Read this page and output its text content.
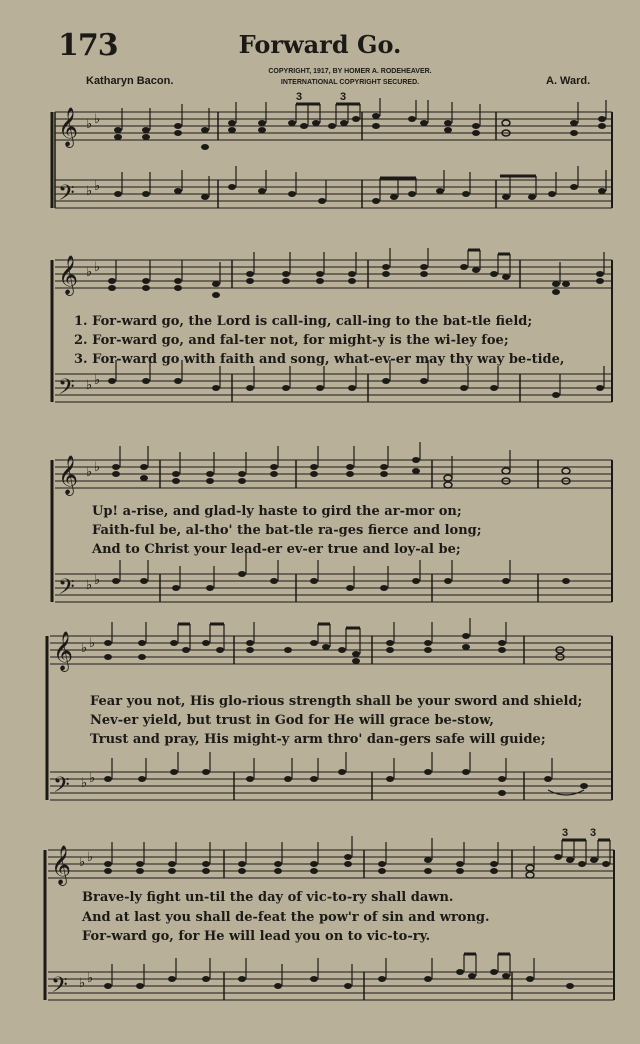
173	Forward Go.
Katharyn Bacon.	A. Ward.
COPYRIGHT, 1917, BY HOMER A. RODEHEAVER.
INTERNATIONAL COPYRIGHT SECURED.
𝄞
𝄢
♭ ♭
♭ ♭
3	3
𝄞
𝄢
♭ ♭
♭ ♭
1. For-ward go, the Lord is call-ing, call-ing to the bat-tle field;
2. For-ward go, and fal-ter not, for might-y is the wi-ley foe;
3. For-ward go with faith and song, what-ev-er may thy way be-tide,
𝄞
𝄢
♭ ♭
♭ ♭
Up! a-rise, and glad-ly haste to gird the ar-mor on;
Faith-ful be, al-tho' the bat-tle ra-ges fierce and long;
And to Christ your lead-er ev-er true and loy-al be;
𝄞
𝄢
♭ ♭
♭ ♭
Fear you not, His glo-rious strength shall be your sword and shield;
Nev-er yield, but trust in God for He will grace be-stow,
Trust and pray, His might-y arm thro' dan-gers safe will guide;
𝄞
𝄢
♭ ♭
♭ ♭
3 3
Brave-ly fight un-til the day of vic-to-ry shall dawn.
And at last you shall de-feat the pow'r of sin and wrong.
For-ward go, for He will lead you on to vic-to-ry.
